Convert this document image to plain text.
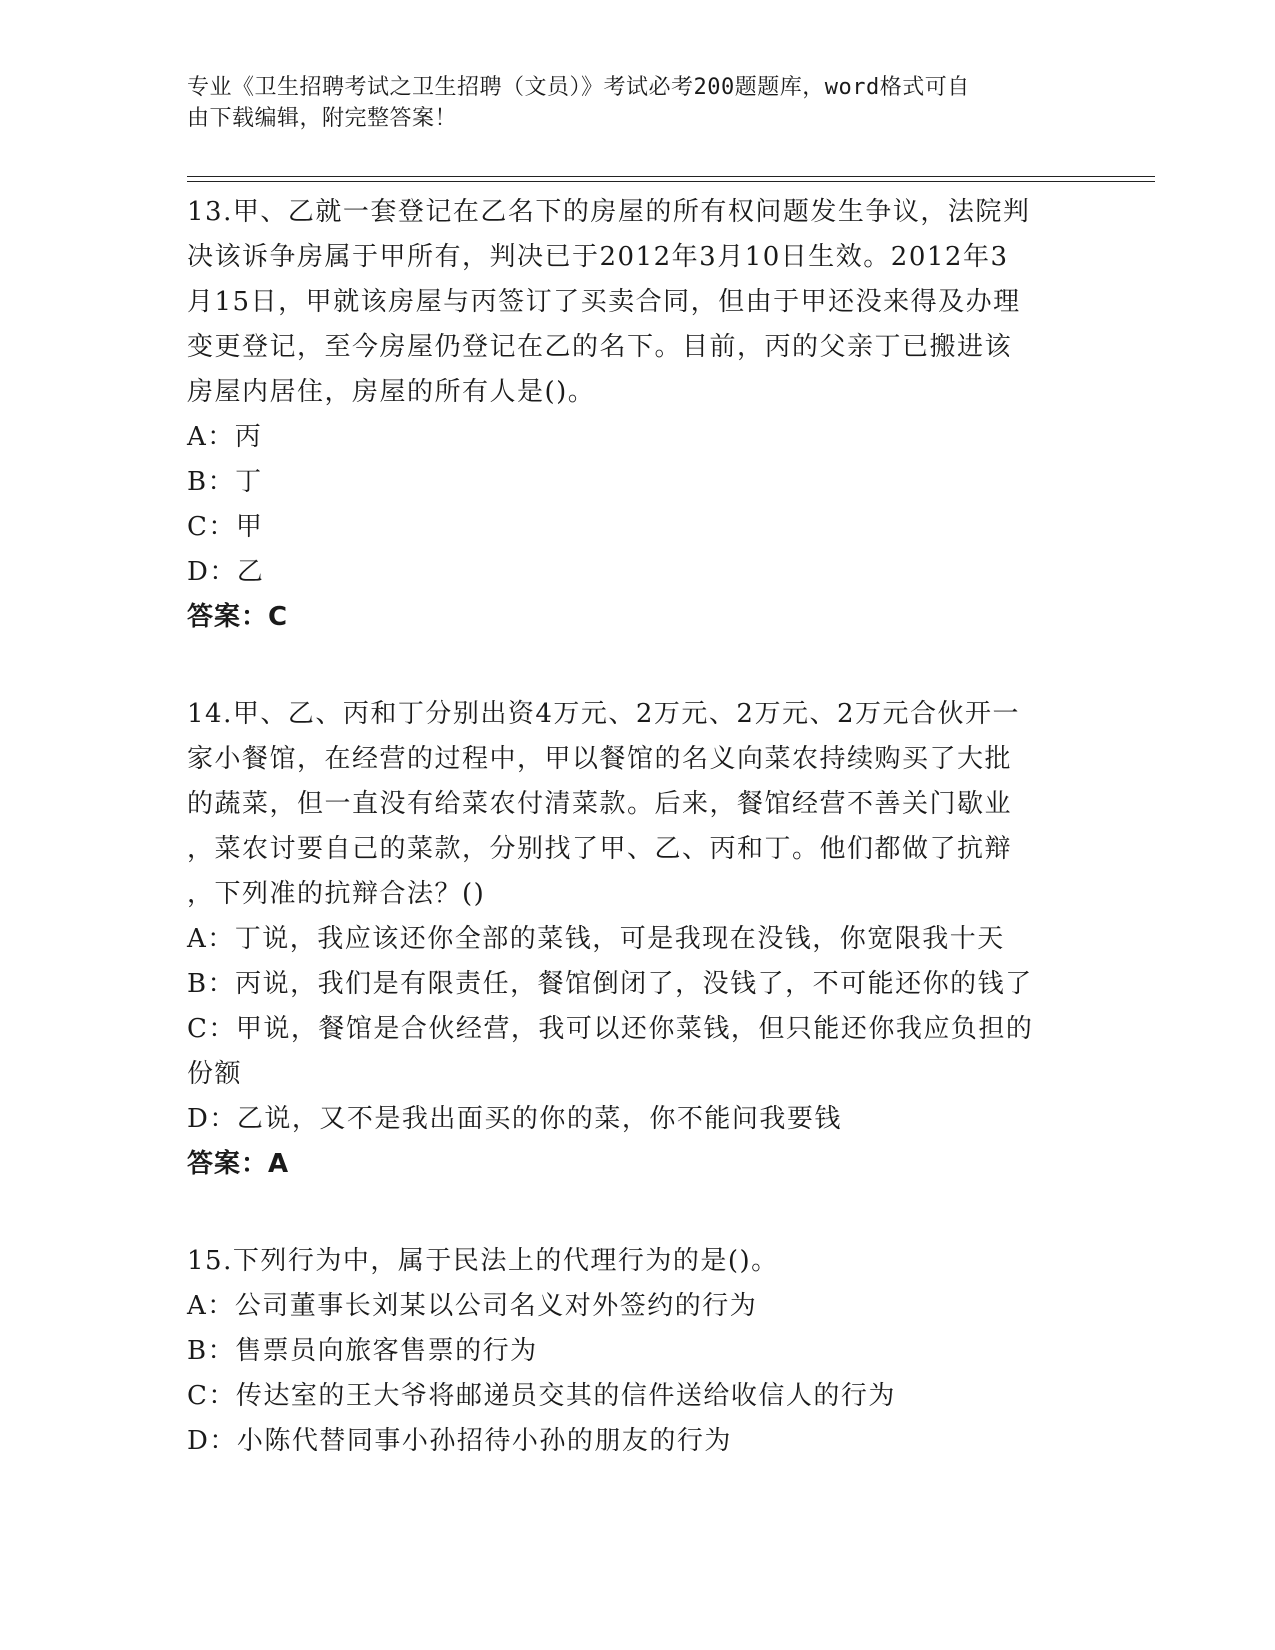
专业《卫生招聘考试之卫生招聘（文员）》考试必考200题题库，word格式可自
由下载编辑，附完整答案！
13.甲、乙就一套登记在乙名下的房屋的所有权问题发生争议，法院判
决该诉争房属于甲所有，判决已于2012年3月10日生效。2012年3
月15日，甲就该房屋与丙签订了买卖合同，但由于甲还没来得及办理
变更登记，至今房屋仍登记在乙的名下。目前，丙的父亲丁已搬进该
房屋内居住，房屋的所有人是()。
A：丙
B：丁
C：甲
D：乙
答案：C
14.甲、乙、丙和丁分别出资4万元、2万元、2万元、2万元合伙开一
家小餐馆，在经营的过程中，甲以餐馆的名义向菜农持续购买了大批
的蔬菜，但一直没有给菜农付清菜款。后来，餐馆经营不善关门歇业
，菜农讨要自己的菜款，分别找了甲、乙、丙和丁。他们都做了抗辩
，下列准的抗辩合法？()
A：丁说，我应该还你全部的菜钱，可是我现在没钱，你宽限我十天
B：丙说，我们是有限责任，餐馆倒闭了，没钱了，不可能还你的钱了
C：甲说，餐馆是合伙经营，我可以还你菜钱，但只能还你我应负担的
份额
D：乙说，又不是我出面买的你的菜，你不能问我要钱
答案：A
15.下列行为中，属于民法上的代理行为的是()。
A：公司董事长刘某以公司名义对外签约的行为
B：售票员向旅客售票的行为
C：传达室的王大爷将邮递员交其的信件送给收信人的行为
D：小陈代替同事小孙招待小孙的朋友的行为
